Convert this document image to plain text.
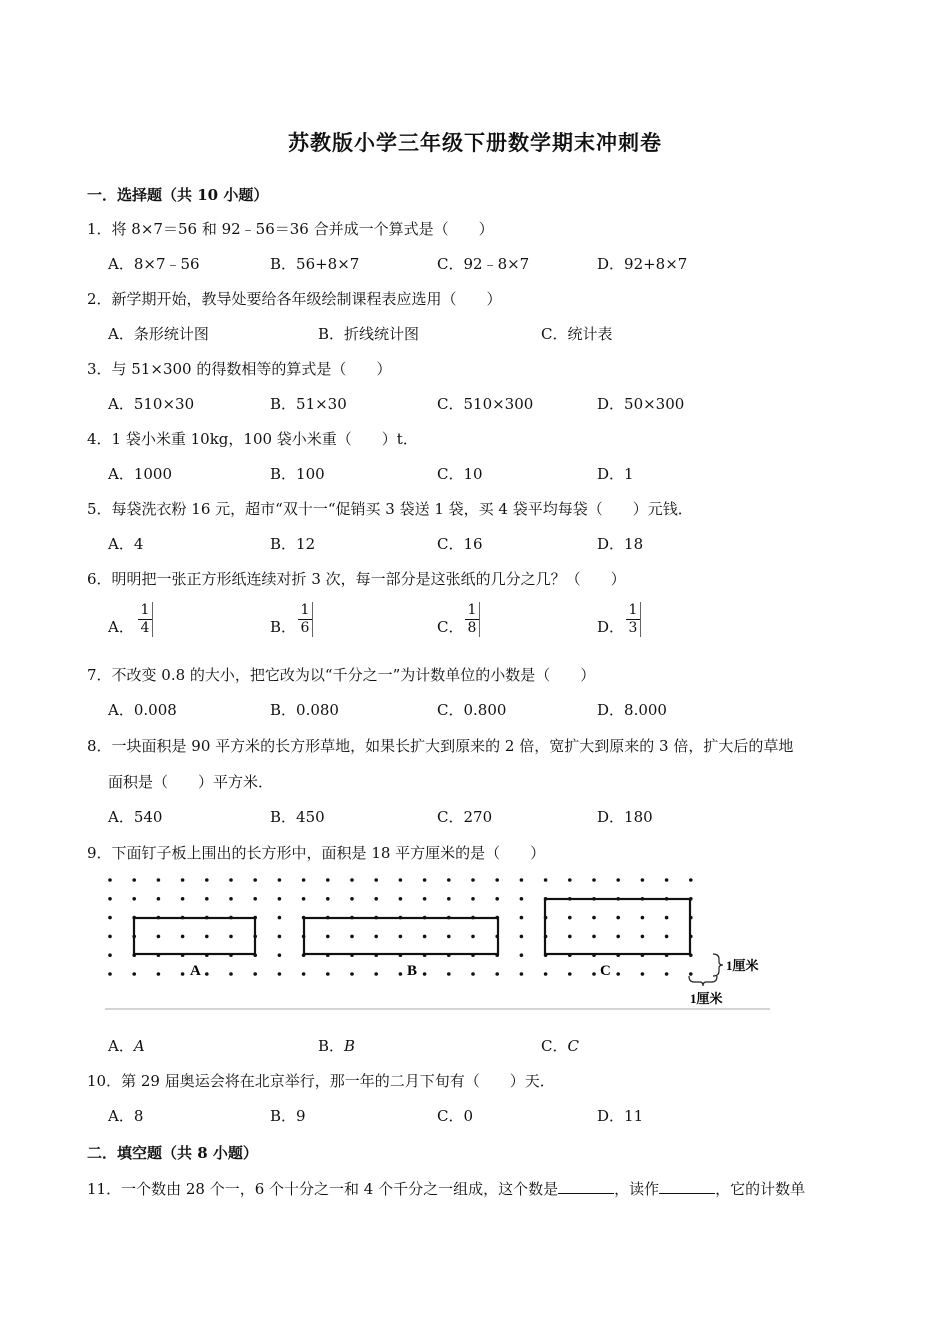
苏教版小学三年级下册数学期末冲刺卷
一．选择题（共 10 小题）
1．将 8×7＝56 和 92﹣56＝36 合并成一个算式是（　　）
A．8×7﹣56	B．56+8×7	C．92﹣8×7	D．92+8×7
2．新学期开始，教导处要给各年级绘制课程表应选用（　　）
A．条形统计图	B．折线统计图	C．统计表
3．与 51×300 的得数相等的算式是（　　）
A．510×30	B．51×30	C．510×300	D．50×300
4．1 袋小米重 10kg，100 袋小米重（　　）t．
A．1000	B．100	C．10	D．1
5．每袋洗衣粉 16 元，超市“双十一“促销买 3 袋送 1 袋，买 4 袋平均每袋（　　）元钱．
A．4	B．12	C．16	D．18
6．明明把一张正方形纸连续对折 3 次，每一部分是这张纸的几分之几？（　　）
A． $\frac{1}{4}$	B． $\frac{1}{6}$	C． $\frac{1}{8}$	D． $\frac{1}{3}$
7．不改变 0.8 的大小，把它改为以“千分之一”为计数单位的小数是（　　）
A．0.008	B．0.080	C．0.800	D．8.000
8．一块面积是 90 平方米的长方形草地，如果长扩大到原来的 2 倍，宽扩大到原来的 3 倍，扩大后的草地
面积是（　　）平方米．
A．540	B．450	C．270	D．180
9．下面钉子板上围出的长方形中，面积是 18 平方厘米的是（　　）
A	B	C	1厘米
1厘米
A．A	B．B	C．C
10．第 29 届奥运会将在北京举行，那一年的二月下旬有（　　）天．
A．8	B．9	C．0	D．11
二．填空题（共 8 小题）
11．一个数由 28 个一，6 个十分之一和 4 个千分之一组成，这个数是	，读作	，它的计数单
